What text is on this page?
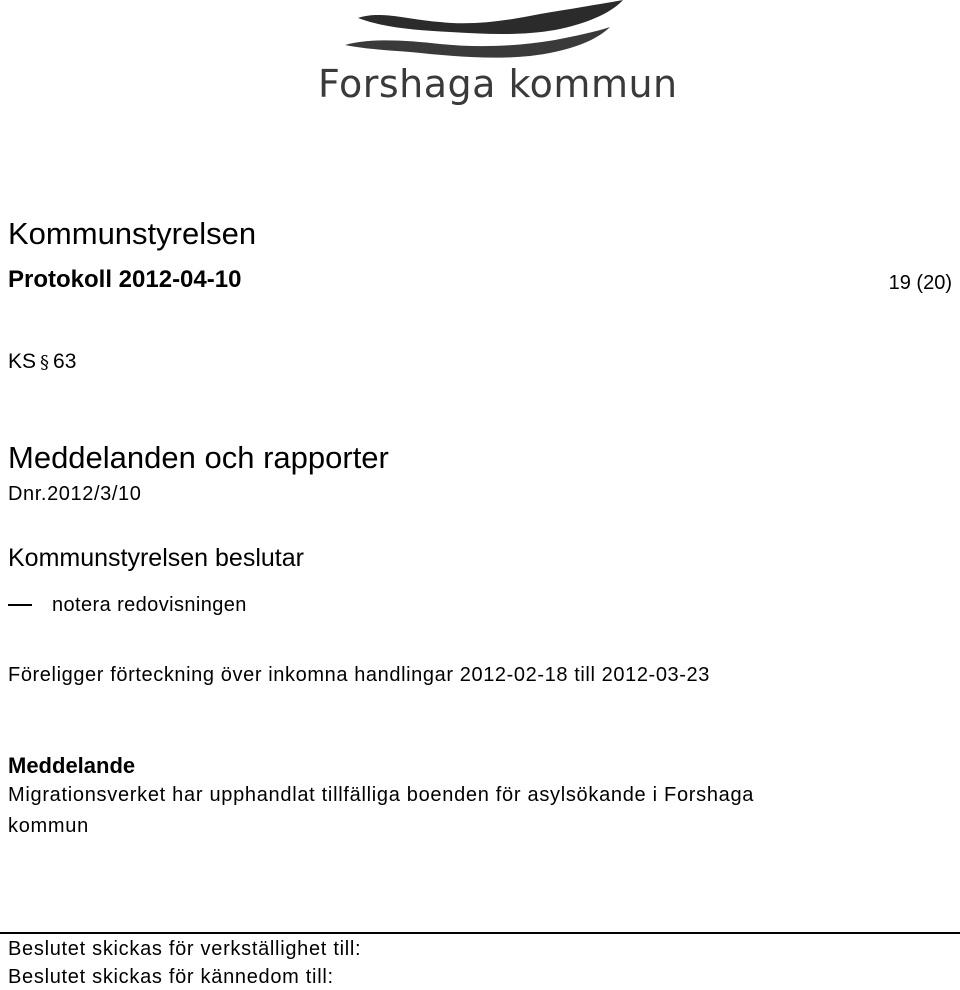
Forshaga kommun
Kommunstyrelsen
Protokoll 2012-04-10	19 (20)
KS § 63
Meddelanden och rapporter
Dnr.2012/3/10
Kommunstyrelsen beslutar
notera redovisningen
Föreligger förteckning över inkomna handlingar 2012-02-18 till 2012-03-23
Meddelande
Migrationsverket har upphandlat tillfälliga boenden för asylsökande i Forshaga
kommun
Beslutet skickas för verkställighet till:
Beslutet skickas för kännedom till:
